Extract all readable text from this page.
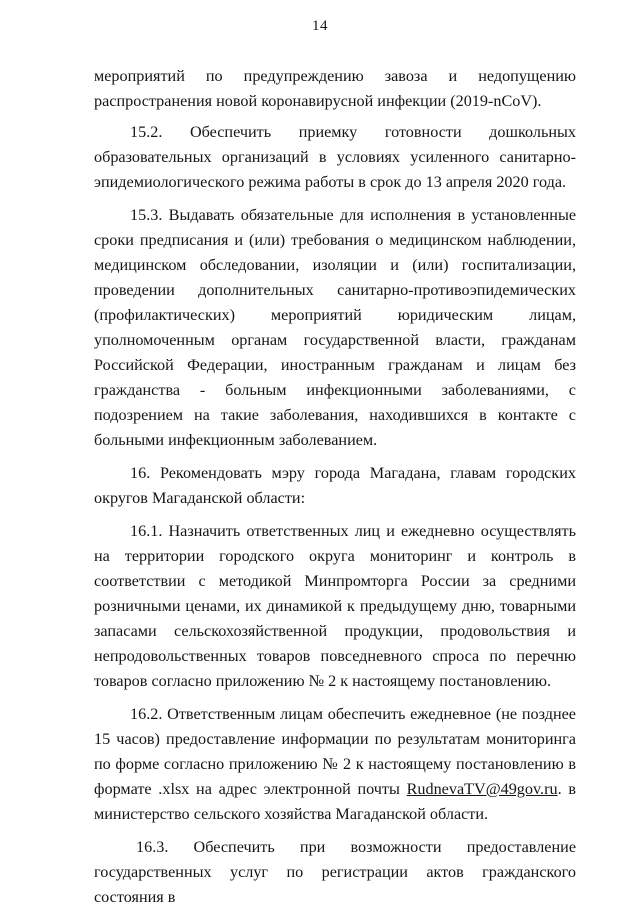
14

мероприятий по предупреждению завоза и недопущению распространения новой коронавирусной инфекции (2019-nCoV).

15.2. Обеспечить приемку готовности дошкольных образовательных организаций в условиях усиленного санитарно-эпидемиологического режима работы в срок до 13 апреля 2020 года.

15.3. Выдавать обязательные для исполнения в установленные сроки предписания и (или) требования о медицинском наблюдении, медицинском обследовании, изоляции и (или) госпитализации, проведении дополнительных санитарно-противоэпидемических (профилактических) мероприятий юридическим лицам, уполномоченным органам государственной власти, гражданам Российской Федерации, иностранным гражданам и лицам без гражданства - больным инфекционными заболеваниями, с подозрением на такие заболевания, находившихся в контакте с больными инфекционным заболеванием.

16. Рекомендовать мэру города Магадана, главам городских округов Магаданской области:

16.1. Назначить ответственных лиц и ежедневно осуществлять на территории городского округа мониторинг и контроль в соответствии с методикой Минпромторга России за средними розничными ценами, их динамикой к предыдущему дню, товарными запасами сельскохозяйственной продукции, продовольствия и непродовольственных товаров повседневного спроса по перечню товаров согласно приложению № 2 к настоящему постановлению.

16.2. Ответственным лицам обеспечить ежедневное (не позднее 15 часов) предоставление информации по результатам мониторинга по форме согласно приложению № 2 к настоящему постановлению в формате .xlsx на адрес электронной почты RudnevaTV@49gov.ru. в министерство сельского хозяйства Магаданской области.

16.3. Обеспечить при возможности предоставление государственных услуг по регистрации актов гражданского состояния в
